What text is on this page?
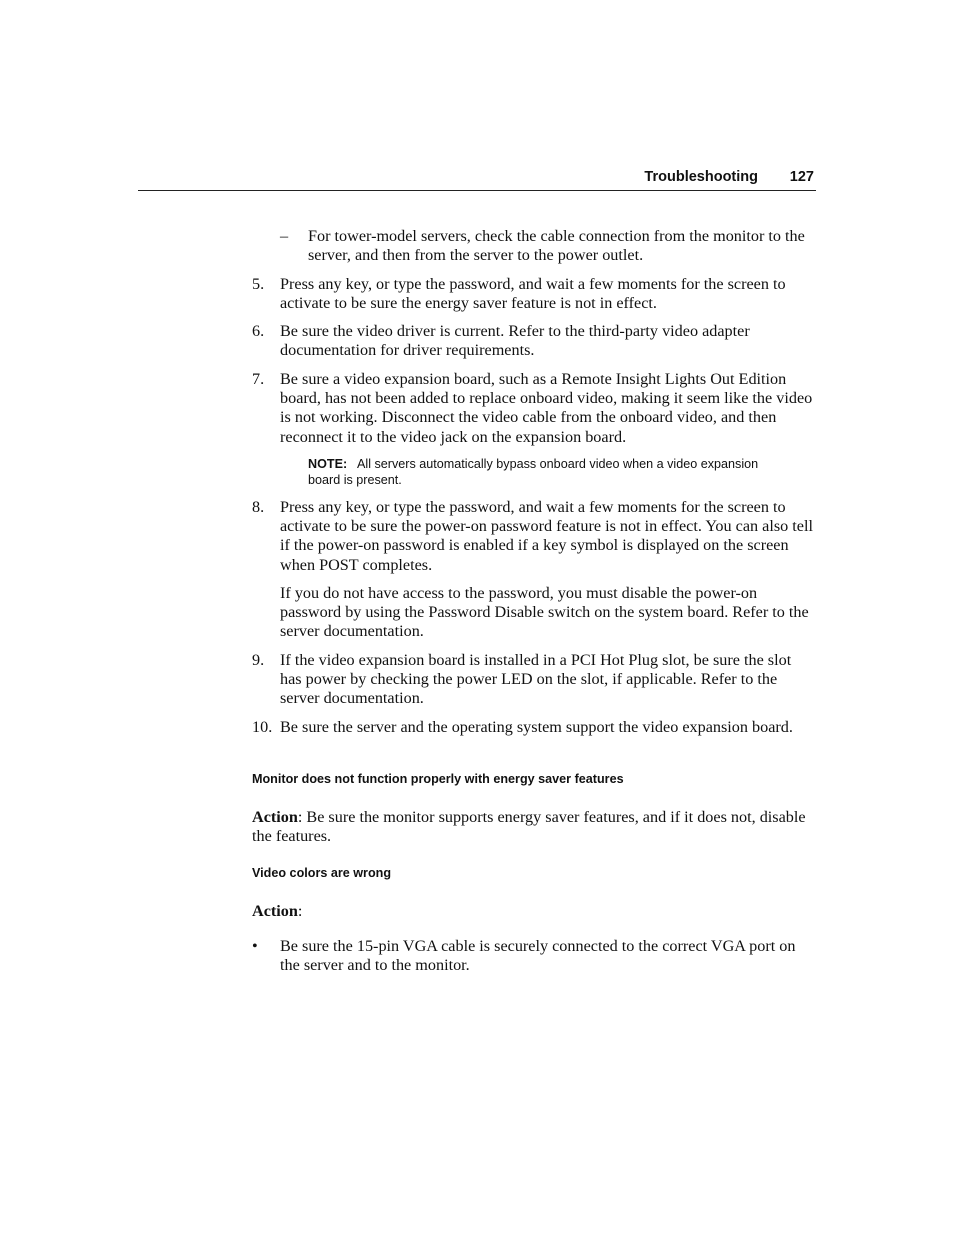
Troubleshooting 127
– For tower-model servers, check the cable connection from the monitor to the server, and then from the server to the power outlet.
5. Press any key, or type the password, and wait a few moments for the screen to activate to be sure the energy saver feature is not in effect.
6. Be sure the video driver is current. Refer to the third-party video adapter documentation for driver requirements.
7. Be sure a video expansion board, such as a Remote Insight Lights Out Edition board, has not been added to replace onboard video, making it seem like the video is not working. Disconnect the video cable from the onboard video, and then reconnect it to the video jack on the expansion board.
NOTE: All servers automatically bypass onboard video when a video expansion board is present.
8. Press any key, or type the password, and wait a few moments for the screen to activate to be sure the power-on password feature is not in effect. You can also tell if the power-on password is enabled if a key symbol is displayed on the screen when POST completes.
If you do not have access to the password, you must disable the power-on password by using the Password Disable switch on the system board. Refer to the server documentation.
9. If the video expansion board is installed in a PCI Hot Plug slot, be sure the slot has power by checking the power LED on the slot, if applicable. Refer to the server documentation.
10. Be sure the server and the operating system support the video expansion board.
Monitor does not function properly with energy saver features
Action: Be sure the monitor supports energy saver features, and if it does not, disable the features.
Video colors are wrong
Action:
• Be sure the 15-pin VGA cable is securely connected to the correct VGA port on the server and to the monitor.
